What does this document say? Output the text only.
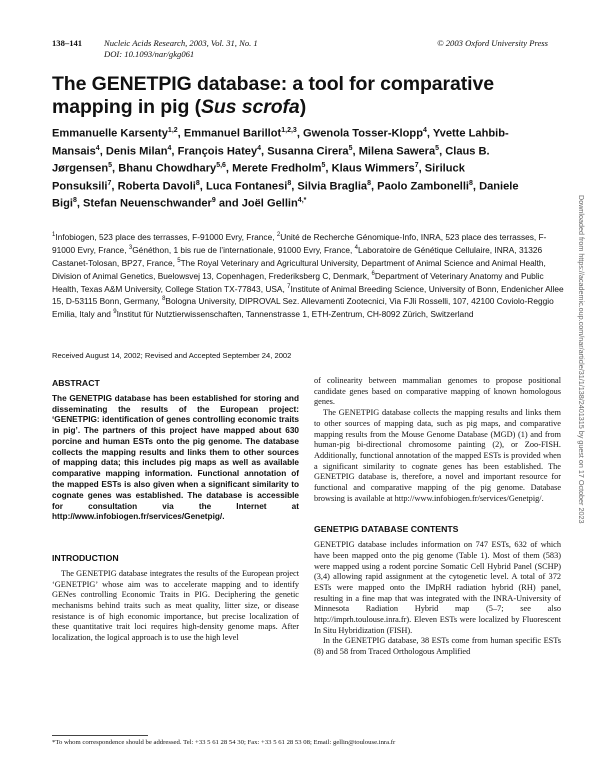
138–141	Nucleic Acids Research, 2003, Vol. 31, No. 1
DOI: 10.1093/nar/gkg061
© 2003 Oxford University Press
The GENETPIG database: a tool for comparative mapping in pig (Sus scrofa)
Emmanuelle Karsenty$^{1,2}$, Emmanuel Barillot$^{1,2,3}$, Gwenola Tosser-Klopp$^4$, Yvette Lahbib-Mansais$^4$, Denis Milan$^4$, François Hatey$^4$, Susanna Cirera$^5$, Milena Sawera$^5$, Claus B. Jørgensen$^5$, Bhanu Chowdhary$^{5,6}$, Merete Fredholm$^5$, Klaus Wimmers$^7$, Siriluck Ponsuksili$^7$, Roberta Davoli$^8$, Luca Fontanesi$^8$, Silvia Braglia$^8$, Paolo Zambonelli$^8$, Daniele Bigi$^8$, Stefan Neuenschwander$^9$ and Joël Gellin$^{4,*}$
$^1$Infobiogen, 523 place des terrasses, F-91000 Evry, France, $^2$Unité de Recherche Génomique-Info, INRA, 523 place des terrasses, F-91000 Evry, France, $^3$Généthon, 1 bis rue de l’internationale, 91000 Evry, France, $^4$Laboratoire de Génétique Cellulaire, INRA, 31326 Castanet-Tolosan, BP27, France, $^5$The Royal Veterinary and Agricultural University, Department of Animal Science and Animal Health, Division of Animal Genetics, Buelowsvej 13, Copenhagen, Frederiksberg C, Denmark, $^6$Department of Veterinary Anatomy and Public Health, Texas A&M University, College Station TX-77843, USA, $^7$Institute of Animal Breeding Science, University of Bonn, Endenicher Allee 15, D-53115 Bonn, Germany, $^8$Bologna University, DIPROVAL Sez. Allevamenti Zootecnici, Via FJli Rosselli, 107, 42100 Coviolo-Reggio Emilia, Italy and $^9$Institut für Nutztierwissenschaften, Tannenstrasse 1, ETH-Zentrum, CH-8092 Zürich, Switzerland
Received August 14, 2002; Revised and Accepted September 24, 2002
ABSTRACT
The GENETPIG database has been established for storing and disseminating the results of the European project: ‘GENETPIG: identification of genes controlling economic traits in pig’. The partners of this project have mapped about 630 porcine and human ESTs onto the pig genome. The database collects the mapping results and links them to other sources of mapping data; this includes pig maps as well as available comparative mapping information. Functional annotation of the mapped ESTs is also given when a significant similarity to cognate genes was established. The database is accessible for consultation via the Internet at http://www.infobiogen.fr/services/Genetpig/.
INTRODUCTION

The GENETPIG database integrates the results of the European project ‘GENETPIG’ whose aim was to accelerate mapping and to identify GENes controlling Economic Traits in PIG. Deciphering the genetic mechanisms behind traits such as meat quality, litter size, or disease resistance is of high economic importance, but precise localization of these quantitative trait loci requires high-density genome maps. After localization, the logical approach is to use the high level

of colinearity between mammalian genomes to propose positional candidate genes based on comparative mapping of known homologous genes.

The GENETPIG database collects the mapping results and links them to other sources of mapping data, such as pig maps, and comparative mapping results from the Mouse Genome Database (MGD) (1) and from human-pig bi-directional chromosome painting (2), or Zoo-FISH. Additionally, functional annotation of the mapped ESTs is provided when a significant similarity to cognate genes has been established. The GENETPIG database is, therefore, a novel and important resource for functional and comparative mapping of the pig genome. Database browsing is available at http://www.infobiogen.fr/services/Genetpig/.

GENETPIG DATABASE CONTENTS

GENETPIG database includes information on 747 ESTs, 632 of which have been mapped onto the pig genome (Table 1). Most of them (583) were mapped using a rodent porcine Somatic Cell Hybrid Panel (SCHP) (3,4) allowing rapid assignment at the cytogenetic level. A total of 372 ESTs were mapped onto the IMpRH radiation hybrid (RH) panel, resulting in a fine map that was integrated with the INRA-University of Minnesota Radiation Hybrid map (5–7; see also http://imprh.toulouse.inra.fr). Eleven ESTs were localized by Fluorescent In Situ Hybridization (FISH).

In the GENETPIG database, 38 ESTs come from human specific ESTs (8) and 58 from Traced Orthologous Amplified

*To whom correspondence should be addressed. Tel: +33 5 61 28 54 30; Fax: +33 5 61 28 53 08; Email: gellin@toulouse.inra.fr
Downloaded from https://academic.oup.com/nar/article/31/1/138/2401315 by guest on 17 October 2023
